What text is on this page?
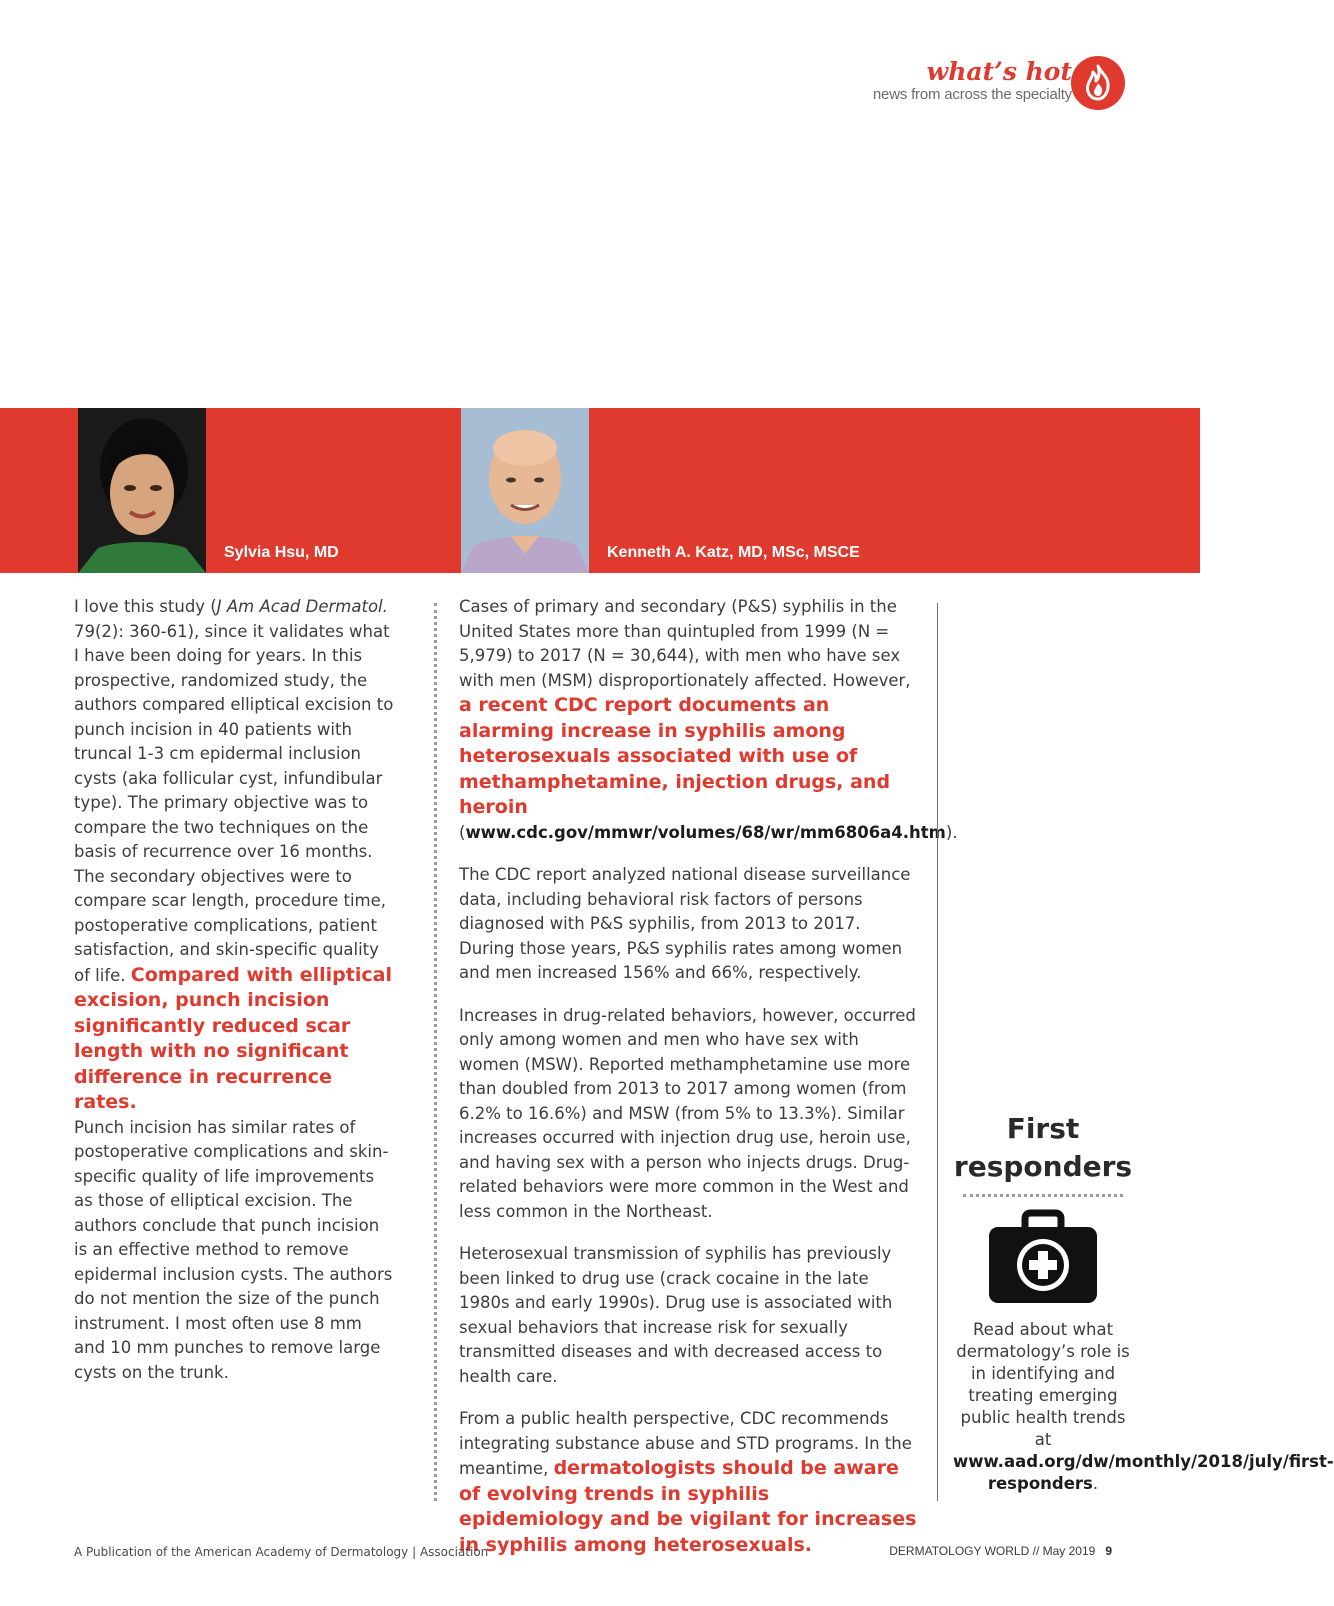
what’s hot
news from across the specialty
Sylvia Hsu, MD	Kenneth A. Katz, MD, MSc, MSCE

I love this study (J Am Acad Dermatol. 79(2): 360-61), since it validates what I have been doing for years. In this prospective, randomized study, the authors compared elliptical excision to punch incision in 40 patients with truncal 1-3 cm epidermal inclusion cysts (aka follicular cyst, infundibular type). The primary objective was to compare the two techniques on the basis of recurrence over 16 months. The secondary objectives were to compare scar length, procedure time, postoperative complications, patient satisfaction, and skin-specific quality of life. Compared with elliptical excision, punch incision significantly reduced scar length with no significant difference in recurrence rates.

Punch incision has similar rates of postoperative complications and skin-specific quality of life improvements as those of elliptical excision. The authors conclude that punch incision is an effective method to remove epidermal inclusion cysts. The authors do not mention the size of the punch instrument. I most often use 8 mm and 10 mm punches to remove large cysts on the trunk.

Cases of primary and secondary (P&S) syphilis in the United States more than quintupled from 1999 (N = 5,979) to 2017 (N = 30,644), with men who have sex with men (MSM) disproportionately affected. However, a recent CDC report documents an alarming increase in syphilis among heterosexuals associated with use of methamphetamine, injection drugs, and heroin (www.cdc.gov/mmwr/volumes/68/wr/mm6806a4.htm).

The CDC report analyzed national disease surveillance data, including behavioral risk factors of persons diagnosed with P&S syphilis, from 2013 to 2017. During those years, P&S syphilis rates among women and men increased 156% and 66%, respectively.

Increases in drug-related behaviors, however, occurred only among women and men who have sex with women (MSW). Reported methamphetamine use more than doubled from 2013 to 2017 among women (from 6.2% to 16.6%) and MSW (from 5% to 13.3%). Similar increases occurred with injection drug use, heroin use, and having sex with a person who injects drugs. Drug-related behaviors were more common in the West and less common in the Northeast.

Heterosexual transmission of syphilis has previously been linked to drug use (crack cocaine in the late 1980s and early 1990s). Drug use is associated with sexual behaviors that increase risk for sexually transmitted diseases and with decreased access to health care.

From a public health perspective, CDC recommends integrating substance abuse and STD programs. In the meantime, dermatologists should be aware of evolving trends in syphilis epidemiology and be vigilant for increases in syphilis among heterosexuals.

First responders
Read about what dermatology’s role is in identifying and treating emerging public health trends at www.aad.org/dw/monthly/2018/july/first-responders.
A Publication of the American Academy of Dermatology | Association	DERMATOLOGY WORLD // May 2019 9
